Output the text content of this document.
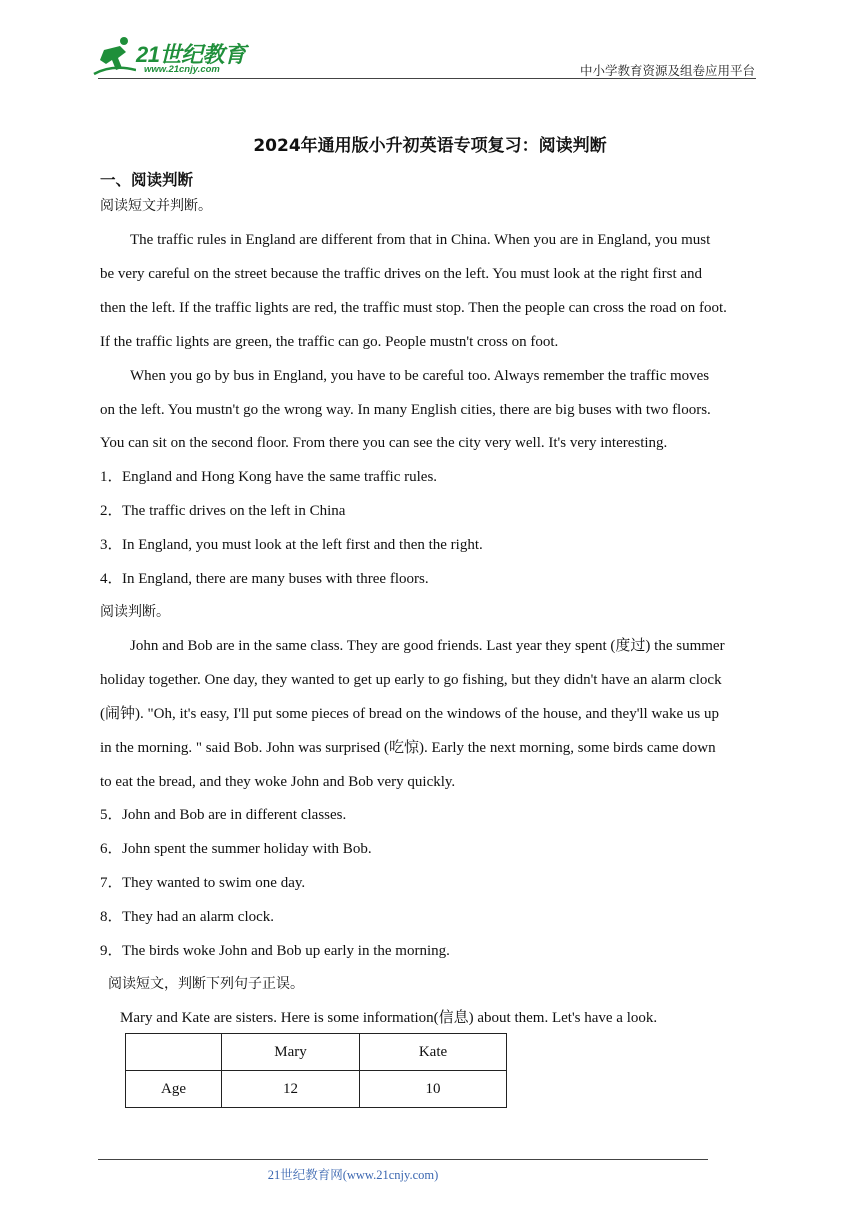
21世纪教育
www.21cnjy.com	中小学教育资源及组卷应用平台
2024年通用版小升初英语专项复习：阅读判断
一、阅读判断
阅读短文并判断。
The traffic rules in England are different from that in China. When you are in England, you must
be very careful on the street because the traffic drives on the left. You must look at the right first and
then the left. If the traffic lights are red, the traffic must stop. Then the people can cross the road on foot.
If the traffic lights are green, the traffic can go. People mustn't cross on foot.
When you go by bus in England, you have to be careful too. Always remember the traffic moves
on the left. You mustn't go the wrong way. In many English cities, there are big buses with two floors.
You can sit on the second floor. From there you can see the city very well. It's very interesting.
1．England and Hong Kong have the same traffic rules.
2．The traffic drives on the left in China
3．In England, you must look at the left first and then the right.
4．In England, there are many buses with three floors.
阅读判断。
John and Bob are in the same class. They are good friends. Last year they spent (度过) the summer
holiday together. One day, they wanted to get up early to go fishing, but they didn't have an alarm clock
(闹钟). "Oh, it's easy, I'll put some pieces of bread on the windows of the house, and they'll wake us up
in the morning. " said Bob. John was surprised (吃惊). Early the next morning, some birds came down
to eat the bread, and they woke John and Bob very quickly.
5．John and Bob are in different classes.
6．John spent the summer holiday with Bob.
7．They wanted to swim one day.
8．They had an alarm clock.
9．The birds woke John and Bob up early in the morning.
阅读短文，判断下列句子正误。
Mary and Kate are sisters. Here is some information(信息) about them. Let's have a look.
	Mary	Kate
Age	12	10
21世纪教育网(www.21cnjy.com)
